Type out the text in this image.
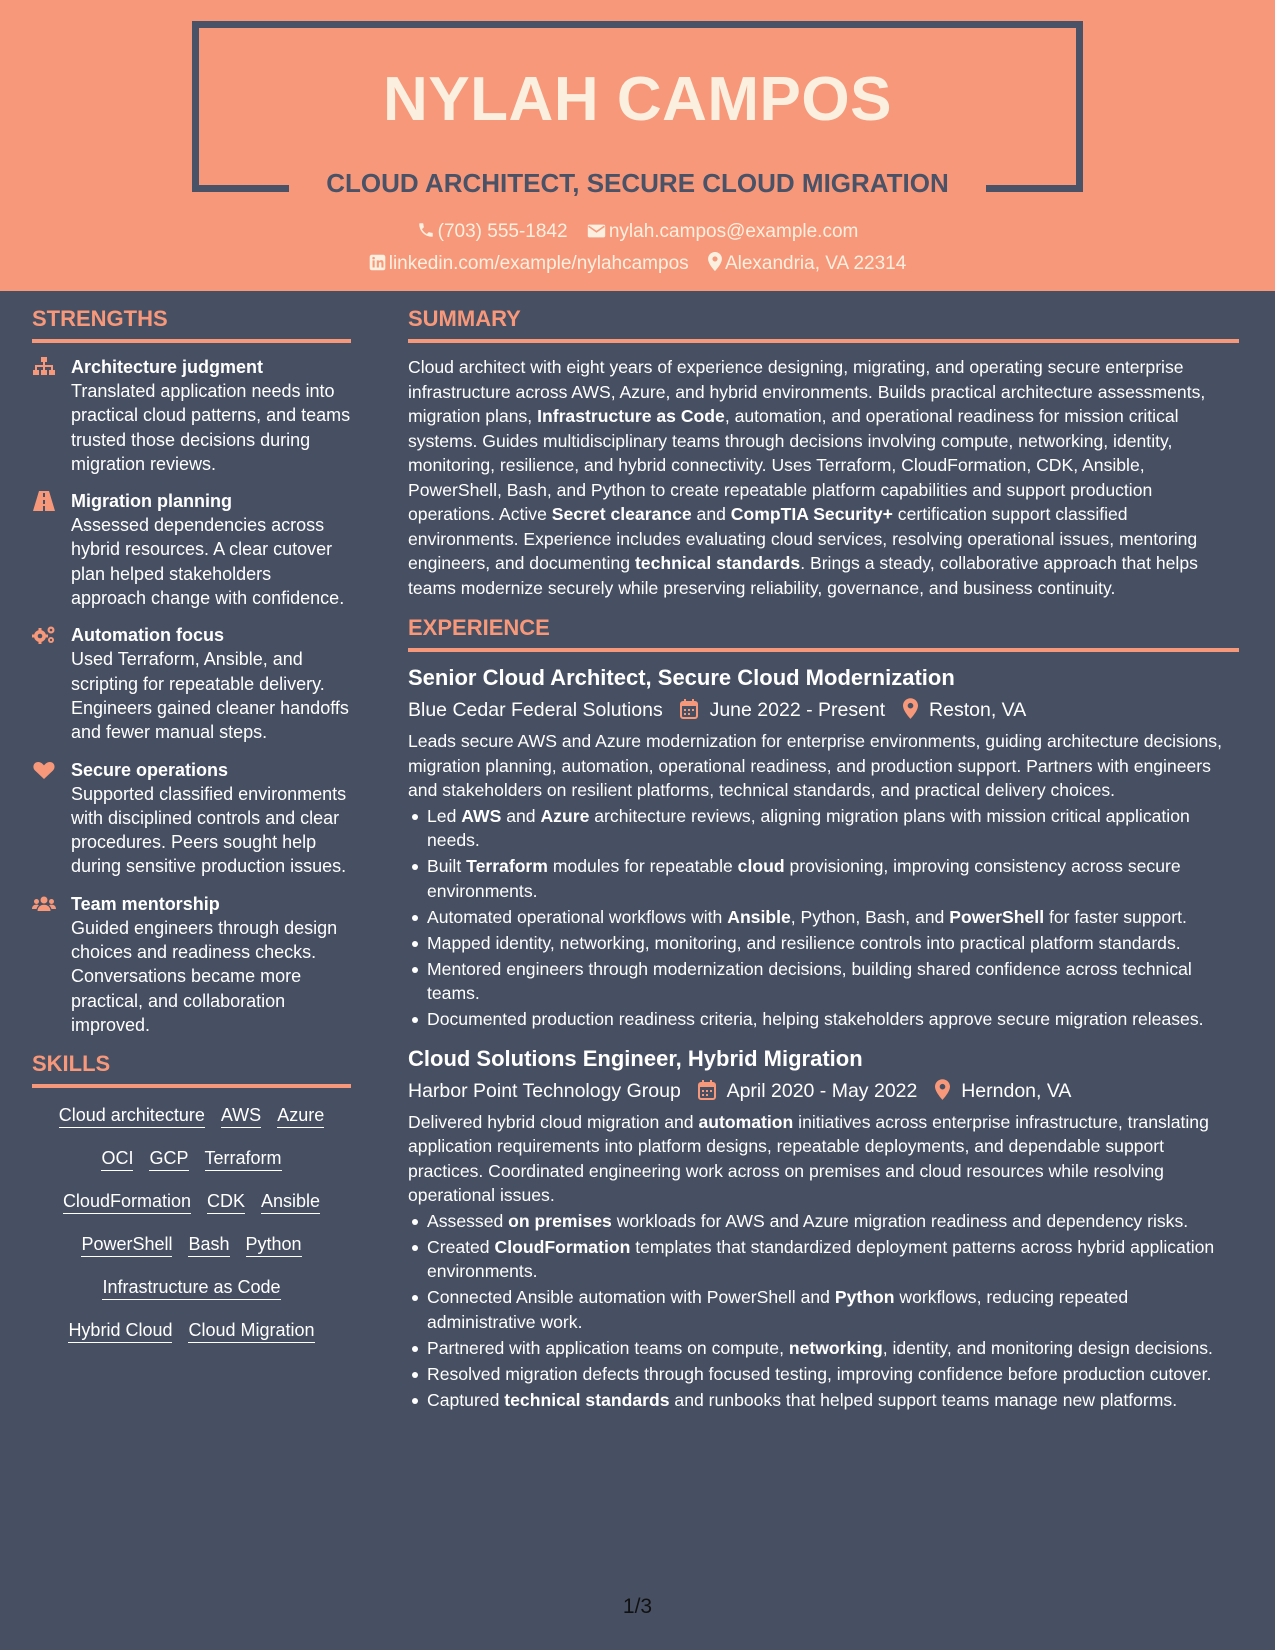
NYLAH CAMPOS
CLOUD ARCHITECT, SECURE CLOUD MIGRATION
(703) 555-1842 nylah.campos@example.com
linkedin.com/example/nylahcampos Alexandria, VA 22314
STRENGTHS
Architecture judgment
Translated application needs into practical cloud patterns, and teams trusted those decisions during migration reviews.
Migration planning
Assessed dependencies across hybrid resources. A clear cutover plan helped stakeholders approach change with confidence.
Automation focus
Used Terraform, Ansible, and scripting for repeatable delivery. Engineers gained cleaner handoffs and fewer manual steps.
Secure operations
Supported classified environments with disciplined controls and clear procedures. Peers sought help during sensitive production issues.
Team mentorship
Guided engineers through design choices and readiness checks. Conversations became more practical, and collaboration improved.
SKILLS
Cloud architecture AWS Azure
OCI GCP Terraform
CloudFormation CDK Ansible
PowerShell Bash Python
Infrastructure as Code
Hybrid Cloud Cloud Migration
SUMMARY
Cloud architect with eight years of experience designing, migrating, and operating secure enterprise infrastructure across AWS, Azure, and hybrid environments. Builds practical architecture assessments, migration plans, Infrastructure as Code, automation, and operational readiness for mission critical systems. Guides multidisciplinary teams through decisions involving compute, networking, identity, monitoring, resilience, and hybrid connectivity. Uses Terraform, CloudFormation, CDK, Ansible, PowerShell, Bash, and Python to create repeatable platform capabilities and support production operations. Active Secret clearance and CompTIA Security+ certification support classified environments. Experience includes evaluating cloud services, resolving operational issues, mentoring engineers, and documenting technical standards. Brings a steady, collaborative approach that helps teams modernize securely while preserving reliability, governance, and business continuity.
EXPERIENCE
Senior Cloud Architect, Secure Cloud Modernization
Blue Cedar Federal Solutions June 2022 - Present Reston, VA
Leads secure AWS and Azure modernization for enterprise environments, guiding architecture decisions, migration planning, automation, operational readiness, and production support. Partners with engineers and stakeholders on resilient platforms, technical standards, and practical delivery choices.
Led AWS and Azure architecture reviews, aligning migration plans with mission critical application needs.
Built Terraform modules for repeatable cloud provisioning, improving consistency across secure environments.
Automated operational workflows with Ansible, Python, Bash, and PowerShell for faster support.
Mapped identity, networking, monitoring, and resilience controls into practical platform standards.
Mentored engineers through modernization decisions, building shared confidence across technical teams.
Documented production readiness criteria, helping stakeholders approve secure migration releases.
Cloud Solutions Engineer, Hybrid Migration
Harbor Point Technology Group April 2020 - May 2022 Herndon, VA
Delivered hybrid cloud migration and automation initiatives across enterprise infrastructure, translating application requirements into platform designs, repeatable deployments, and dependable support practices. Coordinated engineering work across on premises and cloud resources while resolving operational issues.
Assessed on premises workloads for AWS and Azure migration readiness and dependency risks.
Created CloudFormation templates that standardized deployment patterns across hybrid application environments.
Connected Ansible automation with PowerShell and Python workflows, reducing repeated administrative work.
Partnered with application teams on compute, networking, identity, and monitoring design decisions.
Resolved migration defects through focused testing, improving confidence before production cutover.
Captured technical standards and runbooks that helped support teams manage new platforms.
1/3
